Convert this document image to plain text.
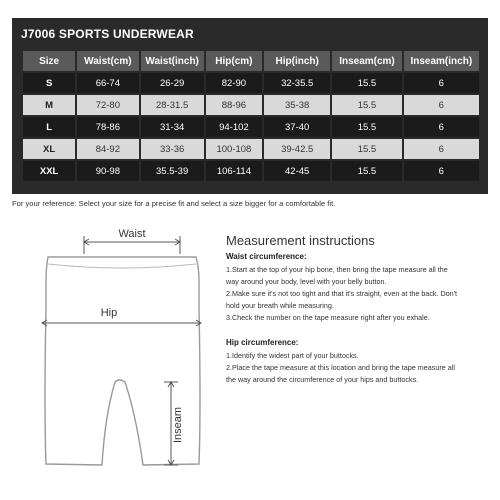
J7006 SPORTS UNDERWEAR
Size	Waist(cm)	Waist(inch)	Hip(cm)	Hip(inch)	Inseam(cm)	Inseam(inch)
S	66-74	26-29	82-90	32-35.5	15.5	6
M	72-80	28-31.5	88-96	35-38	15.5	6
L	78-86	31-34	94-102	37-40	15.5	6
XL	84-92	33-36	100-108	39-42.5	15.5	6
XXL	90-98	35.5-39	106-114	42-45	15.5	6
For your reference: Select your size for a precise fit and select a size bigger for a comfortable fit.
Waist
Hip
Inseam
Measurement instructions
Waist circumference:
1.Start at the top of your hip bone, then bring the tape measure all the
way around your body, level with your belly button.
2.Make sure it's not too tight and that it's straight, even at the back. Don't
hold your breath while measuring.
3.Check the number on the tape measure right after you exhale.
Hip circumference:
1.Identify the widest part of your buttocks.
2.Place the tape measure at this location and bring the tape measure all
the way around the circumference of your hips and buttocks.
